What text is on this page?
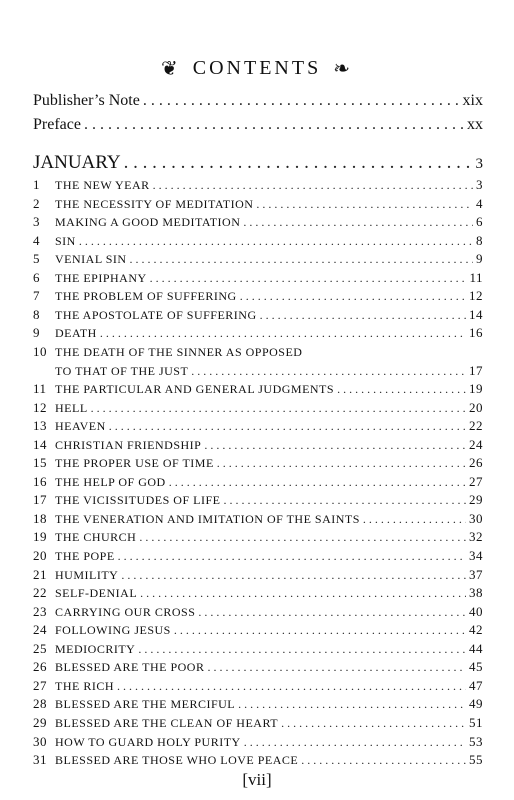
❦ CONTENTS ❧
Publisher’s Note . . .	xix
Preface . . .	xx
JANUARY . . .	3
1 THE NEW YEAR . . .	3
2 THE NECESSITY OF MEDITATION . . .	4
3 MAKING A GOOD MEDITATION . . .	6
4 SIN . . .	8
5 VENIAL SIN . . .	9
6 THE EPIPHANY . . .	11
7 THE PROBLEM OF SUFFERING . . .	12
8 THE APOSTOLATE OF SUFFERING . . .	14
9 DEATH . . .	16
10 THE DEATH OF THE SINNER AS OPPOSED
TO THAT OF THE JUST . . .	17
11 THE PARTICULAR AND GENERAL JUDGMENTS . . .	19
12 HELL . . .	20
13 HEAVEN . . .	22
14 CHRISTIAN FRIENDSHIP . . .	24
15 THE PROPER USE OF TIME . . .	26
16 THE HELP OF GOD . . .	27
17 THE VICISSITUDES OF LIFE . . .	29
18 THE VENERATION AND IMITATION OF THE SAINTS . . .	30
19 THE CHURCH . . .	32
20 THE POPE . . .	34
21 HUMILITY . . .	37
22 SELF-DENIAL . . .	38
23 CARRYING OUR CROSS . . .	40
24 FOLLOWING JESUS . . .	42
25 MEDIOCRITY . . .	44
26 BLESSED ARE THE POOR . . .	45
27 THE RICH . . .	47
28 BLESSED ARE THE MERCIFUL . . .	49
29 BLESSED ARE THE CLEAN OF HEART . . .	51
30 HOW TO GUARD HOLY PURITY . . .	53
31 BLESSED ARE THOSE WHO LOVE PEACE . . .	55
[vii]
